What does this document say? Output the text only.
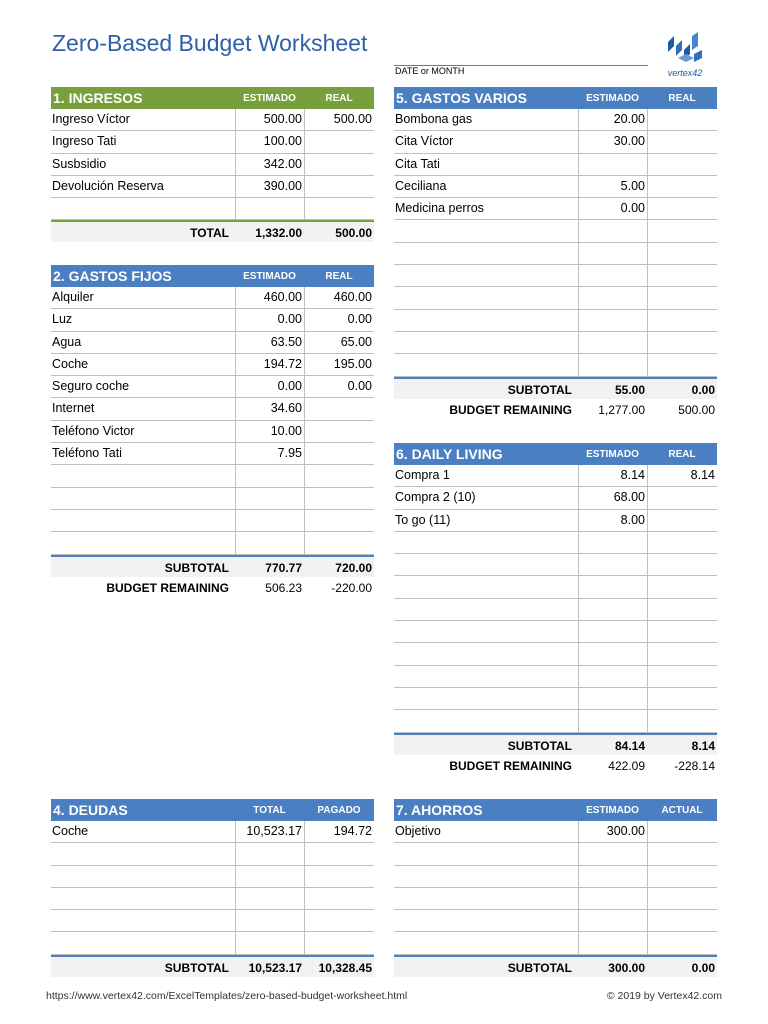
Zero-Based Budget Worksheet
DATE or MONTH	vertex42
1. INGRESOS	ESTIMADO	REAL
Ingreso Víctor	500.00	500.00
Ingreso Tati	100.00
Susbsidio	342.00
Devolución Reserva	390.00
TOTAL	1,332.00	500.00
2. GASTOS FIJOS	ESTIMADO	REAL
Alquiler	460.00	460.00
Luz	0.00	0.00
Agua	63.50	65.00
Coche	194.72	195.00
Seguro coche	0.00	0.00
Internet	34.60
Teléfono Victor	10.00
Teléfono Tati	7.95
SUBTOTAL	770.77	720.00
BUDGET REMAINING	506.23	-220.00
4. DEUDAS	TOTAL	PAGADO
Coche	10,523.17	194.72
SUBTOTAL	10,523.17	10,328.45
5. GASTOS VARIOS	ESTIMADO	REAL
Bombona gas	20.00
Cita Víctor	30.00
Cita Tati
Ceciliana	5.00
Medicina perros	0.00
SUBTOTAL	55.00	0.00
BUDGET REMAINING	1,277.00	500.00
6. DAILY LIVING	ESTIMADO	REAL
Compra 1	8.14	8.14
Compra 2 (10)	68.00
To go (11)	8.00
SUBTOTAL	84.14	8.14
BUDGET REMAINING	422.09	-228.14
7. AHORROS	ESTIMADO	ACTUAL
Objetivo	300.00
SUBTOTAL	300.00	0.00
https://www.vertex42.com/ExcelTemplates/zero-based-budget-worksheet.html	© 2019 by Vertex42.com
